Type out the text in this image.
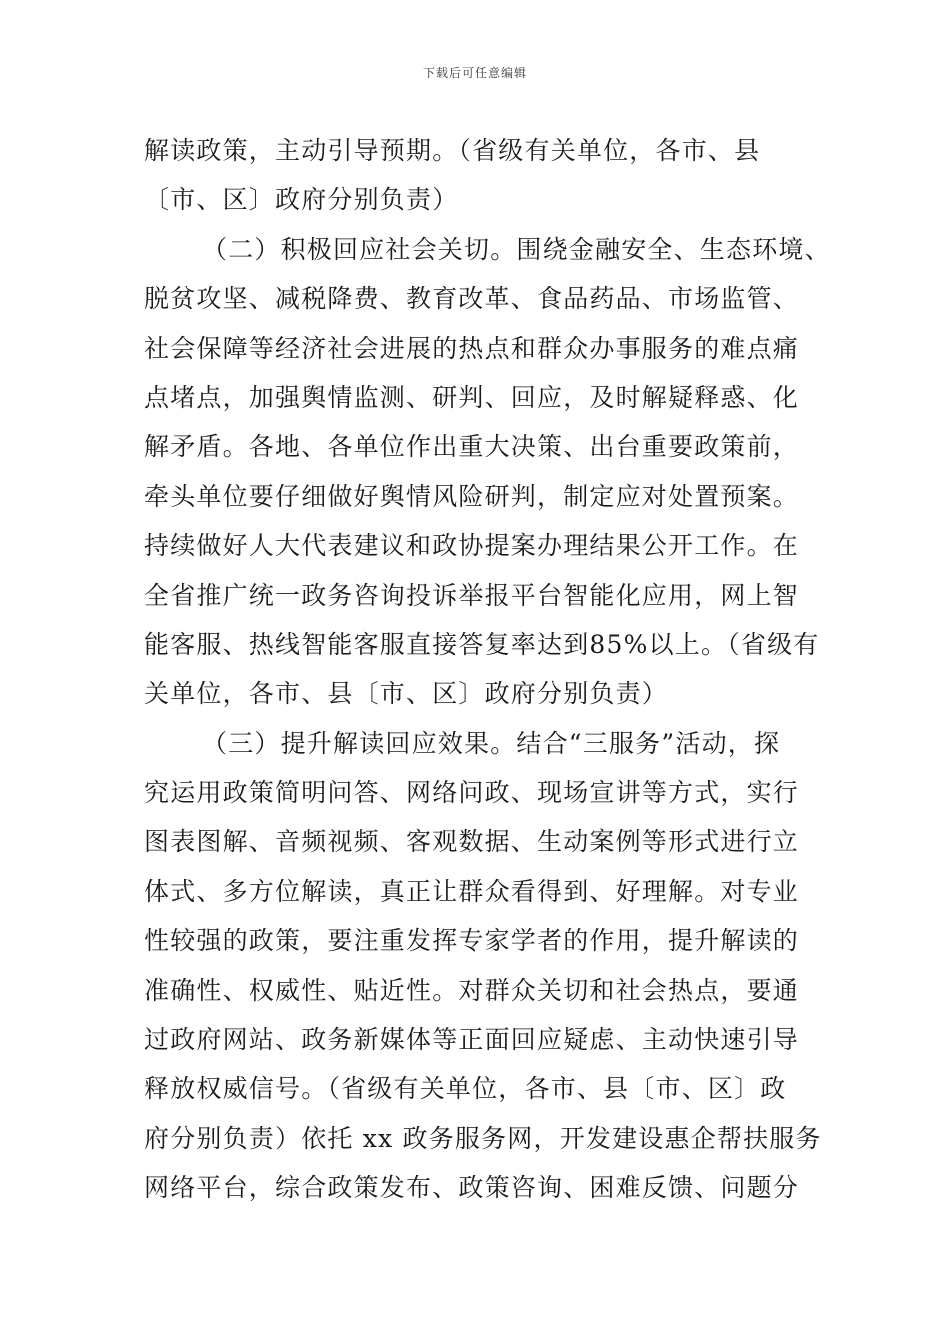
下载后可任意编辑
解读政策，主动引导预期。（省级有关单位，各市、县
〔市、区〕政府分别负责）
（二）积极回应社会关切。围绕金融安全、生态环境、
脱贫攻坚、减税降费、教育改革、食品药品、市场监管、
社会保障等经济社会进展的热点和群众办事服务的难点痛
点堵点，加强舆情监测、研判、回应，及时解疑释惑、化
解矛盾。各地、各单位作出重大决策、出台重要政策前，
牵头单位要仔细做好舆情风险研判，制定应对处置预案。
持续做好人大代表建议和政协提案办理结果公开工作。在
全省推广统一政务咨询投诉举报平台智能化应用，网上智
能客服、热线智能客服直接答复率达到85%以上。（省级有
关单位，各市、县〔市、区〕政府分别负责）
（三）提升解读回应效果。结合“三服务”活动，探
究运用政策简明问答、网络问政、现场宣讲等方式，实行
图表图解、音频视频、客观数据、生动案例等形式进行立
体式、多方位解读，真正让群众看得到、好理解。对专业
性较强的政策，要注重发挥专家学者的作用，提升解读的
准确性、权威性、贴近性。对群众关切和社会热点，要通
过政府网站、政务新媒体等正面回应疑虑、主动快速引导
释放权威信号。（省级有关单位，各市、县〔市、区〕政
府分别负责）依托 xx 政务服务网，开发建设惠企帮扶服务
网络平台，综合政策发布、政策咨询、困难反馈、问题分
